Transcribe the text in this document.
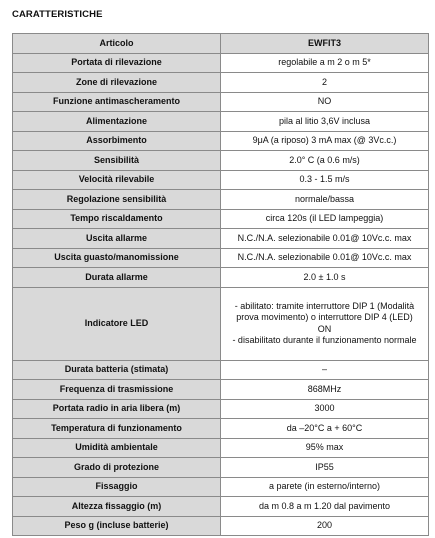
CARATTERISTICHE
Articolo	EWFIT3
Portata di rilevazione	regolabile a m 2 o m 5*
Zone di rilevazione	2
Funzione antimascheramento	NO
Alimentazione	pila al litio 3,6V inclusa
Assorbimento	9μA (a riposo) 3 mA max (@ 3Vc.c.)
Sensibilità	2.0° C (a 0.6 m/s)
Velocità rilevabile	0.3 - 1.5 m/s
Regolazione sensibilità	normale/bassa
Tempo riscaldamento	circa 120s (il LED lampeggia)
Uscita allarme	N.C./N.A. selezionabile 0.01@ 10Vc.c. max
Uscita guasto/manomissione	N.C./N.A. selezionabile 0.01@ 10Vc.c. max
Durata allarme	2.0 ± 1.0 s
Indicatore LED	- abilitato: tramite interruttore DIP 1 (Modalità
prova movimento) o interruttore DIP 4 (LED)
ON
- disabilitato durante il funzionamento normale

Durata batteria (stimata)	–
Frequenza di trasmissione	868MHz
Portata radio in aria libera (m)	3000
Temperatura di funzionamento	da –20°C a + 60°C
Umidità ambientale	95% max
Grado di protezione	IP55
Fissaggio	a parete (in esterno/interno)
Altezza fissaggio (m)	da m 0.8 a m 1.20 dal pavimento
Peso g (incluse batterie)	200
